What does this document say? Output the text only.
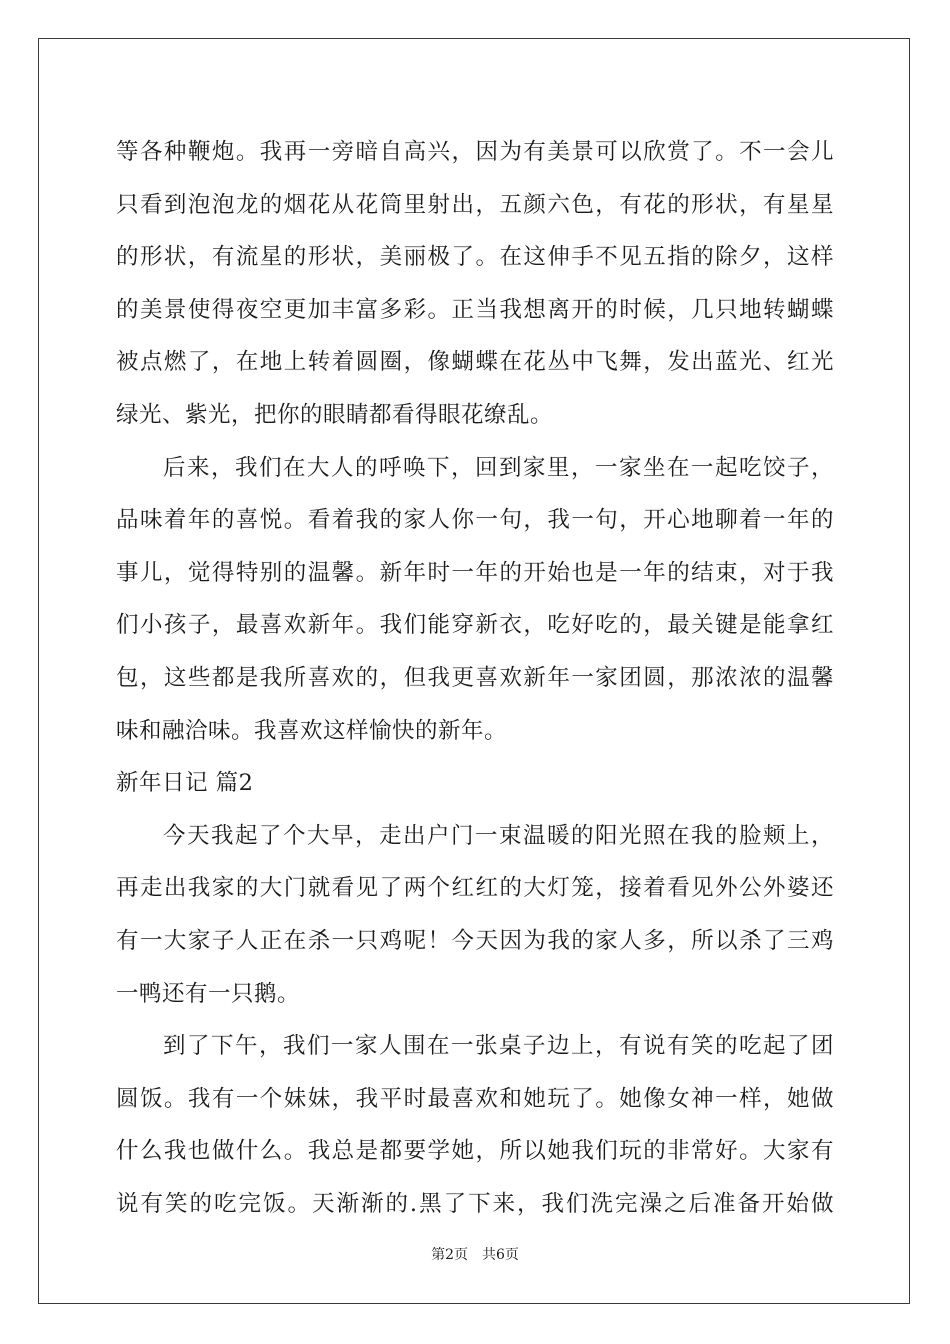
等各种鞭炮。我再一旁暗自高兴，因为有美景可以欣赏了。不一会儿
只看到泡泡龙的烟花从花筒里射出，五颜六色，有花的形状，有星星
的形状，有流星的形状，美丽极了。在这伸手不见五指的除夕，这样
的美景使得夜空更加丰富多彩。正当我想离开的时候，几只地转蝴蝶
被点燃了，在地上转着圆圈，像蝴蝶在花丛中飞舞，发出蓝光、红光
绿光、紫光，把你的眼睛都看得眼花缭乱。
后来，我们在大人的呼唤下，回到家里，一家坐在一起吃饺子，
品味着年的喜悦。看着我的家人你一句，我一句，开心地聊着一年的
事儿，觉得特别的温馨。新年时一年的开始也是一年的结束，对于我
们小孩子，最喜欢新年。我们能穿新衣，吃好吃的，最关键是能拿红
包，这些都是我所喜欢的，但我更喜欢新年一家团圆，那浓浓的温馨
味和融洽味。我喜欢这样愉快的新年。
新年日记 篇2
今天我起了个大早，走出户门一束温暖的阳光照在我的脸颊上，
再走出我家的大门就看见了两个红红的大灯笼，接着看见外公外婆还
有一大家子人正在杀一只鸡呢！今天因为我的家人多，所以杀了三鸡
一鸭还有一只鹅。
到了下午，我们一家人围在一张桌子边上，有说有笑的吃起了团
圆饭。我有一个妹妹，我平时最喜欢和她玩了。她像女神一样，她做
什么我也做什么。我总是都要学她，所以她我们玩的非常好。大家有
说有笑的吃完饭。天渐渐的.黑了下来，我们洗完澡之后准备开始做
第2页　共6页
